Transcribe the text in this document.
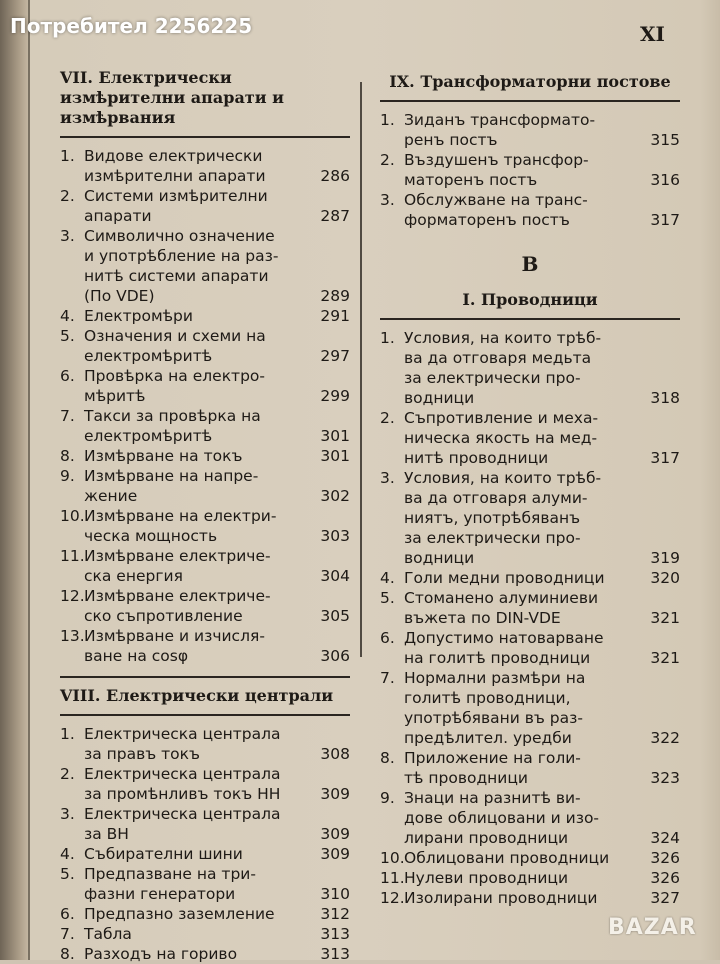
Потребител 2256225	XI
VII. Електрически измѣрителни апарати и измѣрвания
1. Видове електрически
измѣрителни апарати	286
2. Системи измѣрителни
апарати	287
3. Символично означение
и употрѣбление на раз-
нитѣ системи апарати
(По VDE)	289
4. Електромѣри	291
5. Означения и схеми на
електромѣритѣ	297
6. Провѣрка на електро-
мѣритѣ	299
7. Такси за провѣрка на
електромѣритѣ	301
8. Измѣрване на токъ	301
9. Измѣрване на напре-
жение	302
10. Измѣрване на електри-
ческа мощность	303
11. Измѣрване електриче-
ска енергия	304
12. Измѣрване електриче-
ско съпротивление	305
13. Измѣрване и изчисля-
ване на cosφ	306
VIII. Електрически централи
1. Електрическа централа
за правъ токъ	308
2. Електрическа централа
за промѣнливъ токъ НН	309
3. Електрическа централа
за ВН	309
4. Събирателни шини	309
5. Предпазване на три-
фазни генератори	310
6. Предпазно заземление	312
7. Табла	313
8. Разходъ на гориво	313
IX. Трансформаторни постове
1. Зиданъ трансформато-
ренъ постъ	315
2. Въздушенъ трансфор-
маторенъ постъ	316
3. Обслужване на транс-
форматоренъ постъ	317
В
I. Проводници
1. Условия, на които трѣб-
ва да отговаря медьта
за електрически про-
водници	318
2. Съпротивление и меха-
ническа якость на мед-
нитѣ проводници	317
3. Условия, на които трѣб-
ва да отговаря алуми-
ниятъ, употрѣбяванъ
за електрически про-
водници	319
4. Голи медни проводници	320
5. Стоманено алуминиеви
въжета по DIN-VDE	321
6. Допустимо натоварване
на голитѣ проводници	321
7. Нормални размѣри на
голитѣ проводници,
употрѣбявани въ раз-
предѣлител. уредби	322
8. Приложение на голи-
тѣ проводници	323
9. Знаци на разнитѣ ви-
дове облицовани и изо-
лирани проводници	324
10. Облицовани проводници	326
11. Нулеви проводници	326
12. Изолирани проводници	327
BAZAR
